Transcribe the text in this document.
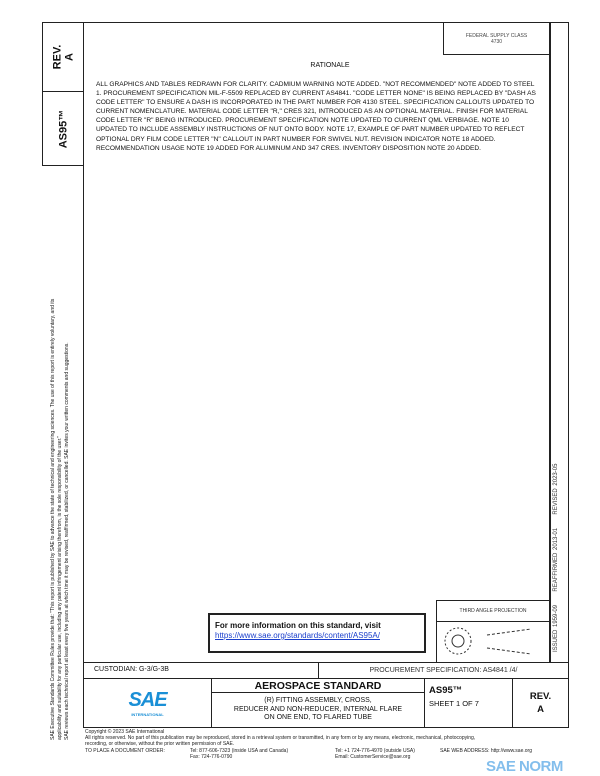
REV. A
AS95™
SAE Executive Standards Committee Rules provide that: "This report is published by SAE to advance the state of technical and engineering sciences. The use of this report is entirely voluntary, and its applicability and suitability for any particular use, including any patent infringement arising therefrom, is the sole responsibility of the user." SAE reviews each technical report at least every five years at which time it may be revised, reaffirmed, stabilized, or cancelled. SAE invites your written comments and suggestions.
FEDERAL SUPPLY CLASS
4730
RATIONALE
ALL GRAPHICS AND TABLES REDRAWN FOR CLARITY. CADMIUM WARNING NOTE ADDED. "NOT RECOMMENDED" NOTE ADDED TO STEEL 1. PROCUREMENT SPECIFICATION MIL-F-5509 REPLACED BY CURRENT AS4841. "CODE LETTER NONE" IS BEING REPLACED BY "DASH AS CODE LETTER" TO ENSURE A DASH IS INCORPORATED IN THE PART NUMBER FOR 4130 STEEL. SPECIFICATION CALLOUTS UPDATED TO CURRENT NOMENCLATURE. MATERIAL CODE LETTER "R," CRES 321, INTRODUCED AS AN OPTIONAL MATERIAL. FINISH FOR MATERIAL CODE LETTER "R" BEING INTRODUCED. PROCUREMENT SPECIFICATION NOTE UPDATED TO CURRENT QML VERBIAGE. NOTE 10 UPDATED TO INCLUDE ASSEMBLY INSTRUCTIONS OF NUT ONTO BODY. NOTE 17, EXAMPLE OF PART NUMBER UPDATED TO REFLECT OPTIONAL DRY FILM CODE LETTER "N" CALLOUT IN PART NUMBER FOR SWIVEL NUT. REVISION INDICATOR NOTE 18 ADDED. RECOMMENDATION USAGE NOTE 19 ADDED FOR ALUMINUM AND 347 CRES. INVENTORY DISPOSITION NOTE 20 ADDED.
ISSUED 1959-09     REAFFIRMED 2013-01     REVISED 2023-05
For more information on this standard, visit
https://www.sae.org/standards/content/AS95A/
THIRD ANGLE PROJECTION
CUSTODIAN: G-3/G-3B	PROCUREMENT SPECIFICATION: AS4841 /4/
SAE
INTERNATIONAL
AEROSPACE STANDARD
(R) FITTING ASSEMBLY, CROSS,
REDUCER AND NON-REDUCER, INTERNAL FLARE
ON ONE END, TO FLARED TUBE
AS95™
SHEET 1 OF 7
REV.
A
Copyright © 2023 SAE International
All rights reserved. No part of this publication may be reproduced, stored in a retrieval system or transmitted, in any form or by any means, electronic, mechanical, photocopying,
recording, or otherwise, without the prior written permission of SAE.
TO PLACE A DOCUMENT ORDER:	Tel: 877-606-7323 (inside USA and Canada)
Fax: 724-776-0790
Tel: +1 724-776-4970 (outside USA)
Email: CustomerService@sae.org
SAE WEB ADDRESS: http://www.sae.org
SAE NORM
